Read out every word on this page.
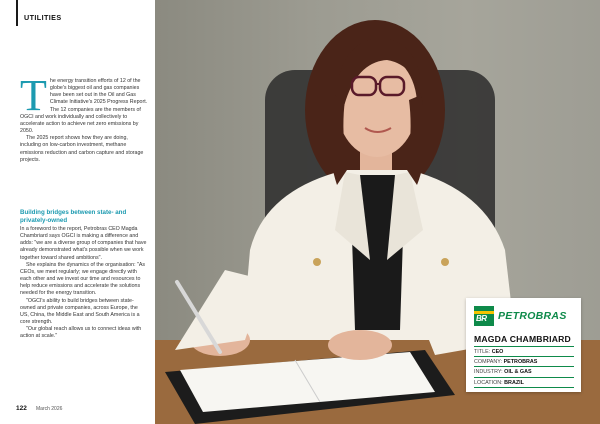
UTILITIES
T he energy transition efforts of 12 of the globe's biggest oil and gas companies have been set out in the Oil and Gas Climate Initiative's 2025 Progress Report. The 12 companies are the members of OGCI and work individually and collectively to accelerate action to achieve net zero emissions by 2050.

The 2025 report shows how they are doing, including on low-carbon investment, methane emissions reduction and carbon capture and storage projects.

Building bridges between state- and privately-owned

In a foreword to the report, Petrobras CEO Magda Chambriard says OGCI is making a difference and adds: "we are a diverse group of companies that have already demonstrated what's possible when we work together toward shared ambitions".

She explains the dynamics of the organisation: "As CEOs, we meet regularly; we engage directly with each other and we invest our time and resources to help reduce emissions and accelerate the solutions needed for the energy transition.

"OGCI's ability to build bridges between state-owned and private companies, across Europe, the US, China, the Middle East and South America is a core strength.

"Our global reach allows us to connect ideas with action at scale."

122 March 2026
BR PETROBRAS
MAGDA CHAMBRIARD
TITLE: CEO
COMPANY: PETROBRAS
INDUSTRY: OIL & GAS
LOCATION: BRAZIL
